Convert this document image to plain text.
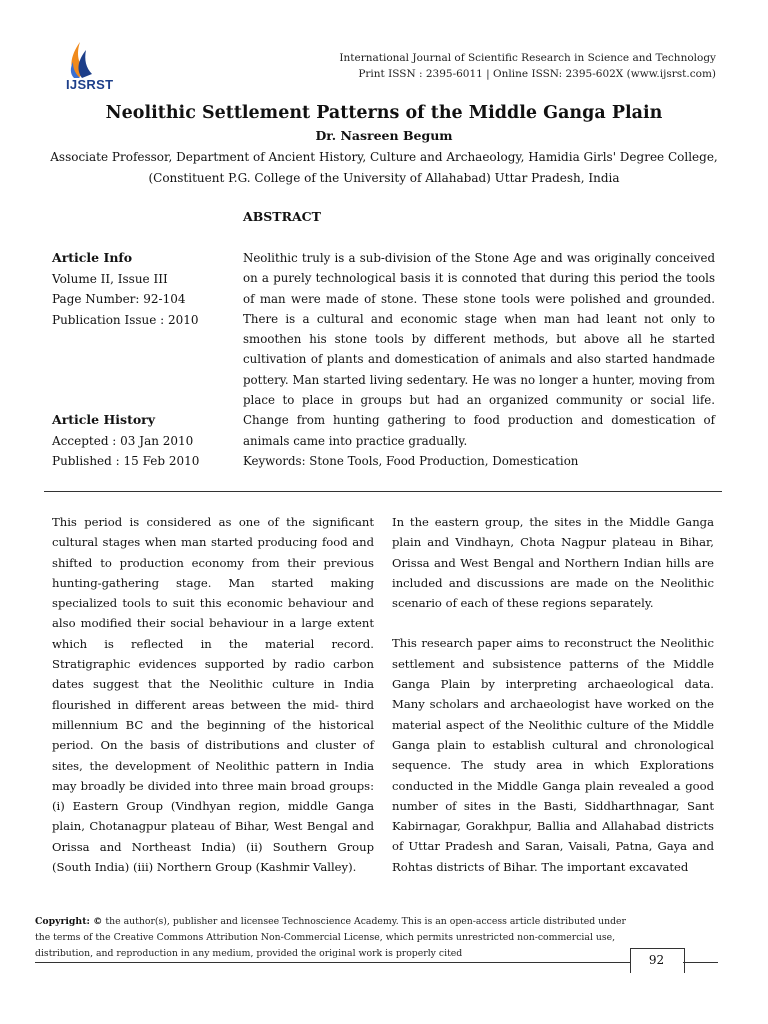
IJSRST
International Journal of Scientific Research in Science and Technology
Print ISSN : 2395-6011 | Online ISSN: 2395-602X (www.ijsrst.com)
Neolithic Settlement Patterns of the Middle Ganga Plain
Dr. Nasreen Begum
Associate Professor, Department of Ancient History, Culture and Archaeology, Hamidia Girls' Degree College,
(Constituent P.G. College of the University of Allahabad) Uttar Pradesh, India
ABSTRACT
Article Info
Volume II, Issue III
Page Number: 92-104
Publication Issue : 2010
Article History
Accepted : 03 Jan 2010
Published : 15 Feb 2010
Neolithic truly is a sub-division of the Stone Age and was originally conceived on a purely technological basis it is connoted that during this period the tools of man were made of stone. These stone tools were polished and grounded. There is a cultural and economic stage when man had leant not only to smoothen his stone tools by different methods, but above all he started cultivation of plants and domestication of animals and also started handmade pottery. Man started living sedentary. He was no longer a hunter, moving from place to place in groups but had an organized community or social life. Change from hunting gathering to food production and domestication of animals came into practice gradually.
Keywords: Stone Tools, Food Production, Domestication

This period is considered as one of the significant cultural stages when man started producing food and shifted to production economy from their previous hunting-gathering stage. Man started making specialized tools to suit this economic behaviour and also modified their social behaviour in a large extent which is reflected in the material record. Stratigraphic evidences supported by radio carbon dates suggest that the Neolithic culture in India flourished in different areas between the mid- third millennium BC and the beginning of the historical period. On the basis of distributions and cluster of sites, the development of Neolithic pattern in India may broadly be divided into three main broad groups: (i) Eastern Group (Vindhyan region, middle Ganga plain, Chotanagpur plateau of Bihar, West Bengal and Orissa and Northeast India) (ii) Southern Group (South India) (iii) Northern Group (Kashmir Valley).

In the eastern group, the sites in the Middle Ganga plain and Vindhayn, Chota Nagpur plateau in Bihar, Orissa and West Bengal and Northern Indian hills are included and discussions are made on the Neolithic scenario of each of these regions separately.

This research paper aims to reconstruct the Neolithic settlement and subsistence patterns of the Middle Ganga Plain by interpreting archaeological data. Many scholars and archaeologist have worked on the material aspect of the Neolithic culture of the Middle Ganga plain to establish cultural and chronological sequence. The study area in which Explorations conducted in the Middle Ganga plain revealed a good number of sites in the Basti, Siddharthnagar, Sant Kabirnagar, Gorakhpur, Ballia and Allahabad districts of Uttar Pradesh and Saran, Vaisali, Patna, Gaya and Rohtas districts of Bihar. The important excavated

Copyright: © the author(s), publisher and licensee Technoscience Academy. This is an open-access article distributed under the terms of the Creative Commons Attribution Non-Commercial License, which permits unrestricted non-commercial use, distribution, and reproduction in any medium, provided the original work is properly cited	92
